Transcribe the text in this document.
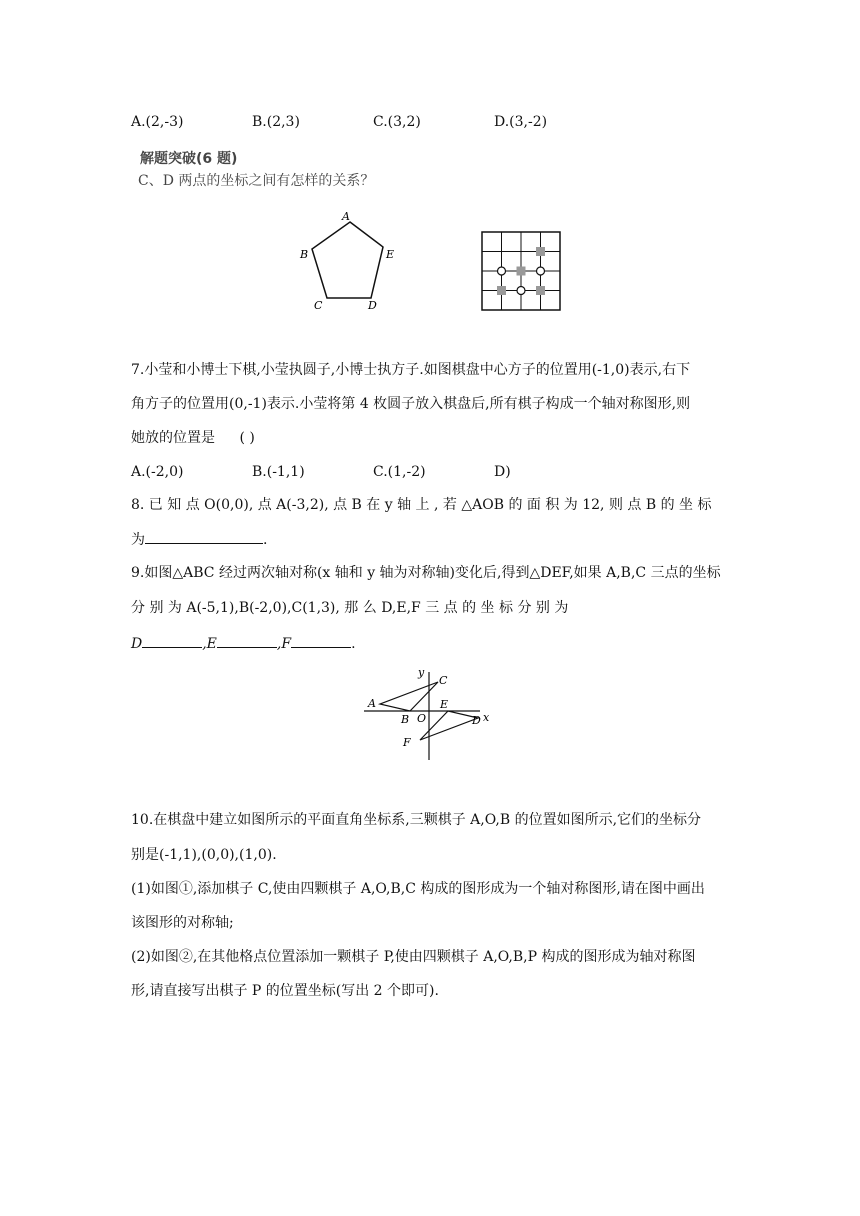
A.(2,-3)	B.(2,3)	C.(3,2)	D.(3,-2)
解题突破(6 题)
C、D 两点的坐标之间有怎样的关系？
A
B	E
C	D
7.小莹和小博士下棋,小莹执圆子,小博士执方子.如图棋盘中心方子的位置用(-1,0)表示,右下
角方子的位置用(0,-1)表示.小莹将第 4 枚圆子放入棋盘后,所有棋子构成一个轴对称图形,则
她放的位置是 ( )
A.(-2,0)	B.(-1,1)	C.(1,-2)	D)
8. 已 知 点 O(0,0), 点 A(-3,2), 点 B 在 y 轴 上 , 若 △AOB 的 面 积 为 12, 则 点 B 的 坐 标
为	.
9.如图△ABC 经过两次轴对称(x 轴和 y 轴为对称轴)变化后,得到△DEF,如果 A,B,C 三点的坐标
分 别 为 A(-5,1),B(-2,0),C(1,3), 那 么 D,E,F 三 点 的 坐 标 分 别 为
D	,E	,F	.
y
C
A	E
B O	D x
F
10.在棋盘中建立如图所示的平面直角坐标系,三颗棋子 A,O,B 的位置如图所示,它们的坐标分
别是(-1,1),(0,0),(1,0).
(1)如图①,添加棋子 C,使由四颗棋子 A,O,B,C 构成的图形成为一个轴对称图形,请在图中画出
该图形的对称轴;
(2)如图②,在其他格点位置添加一颗棋子 P,使由四颗棋子 A,O,B,P 构成的图形成为轴对称图
形,请直接写出棋子 P 的位置坐标(写出 2 个即可).
